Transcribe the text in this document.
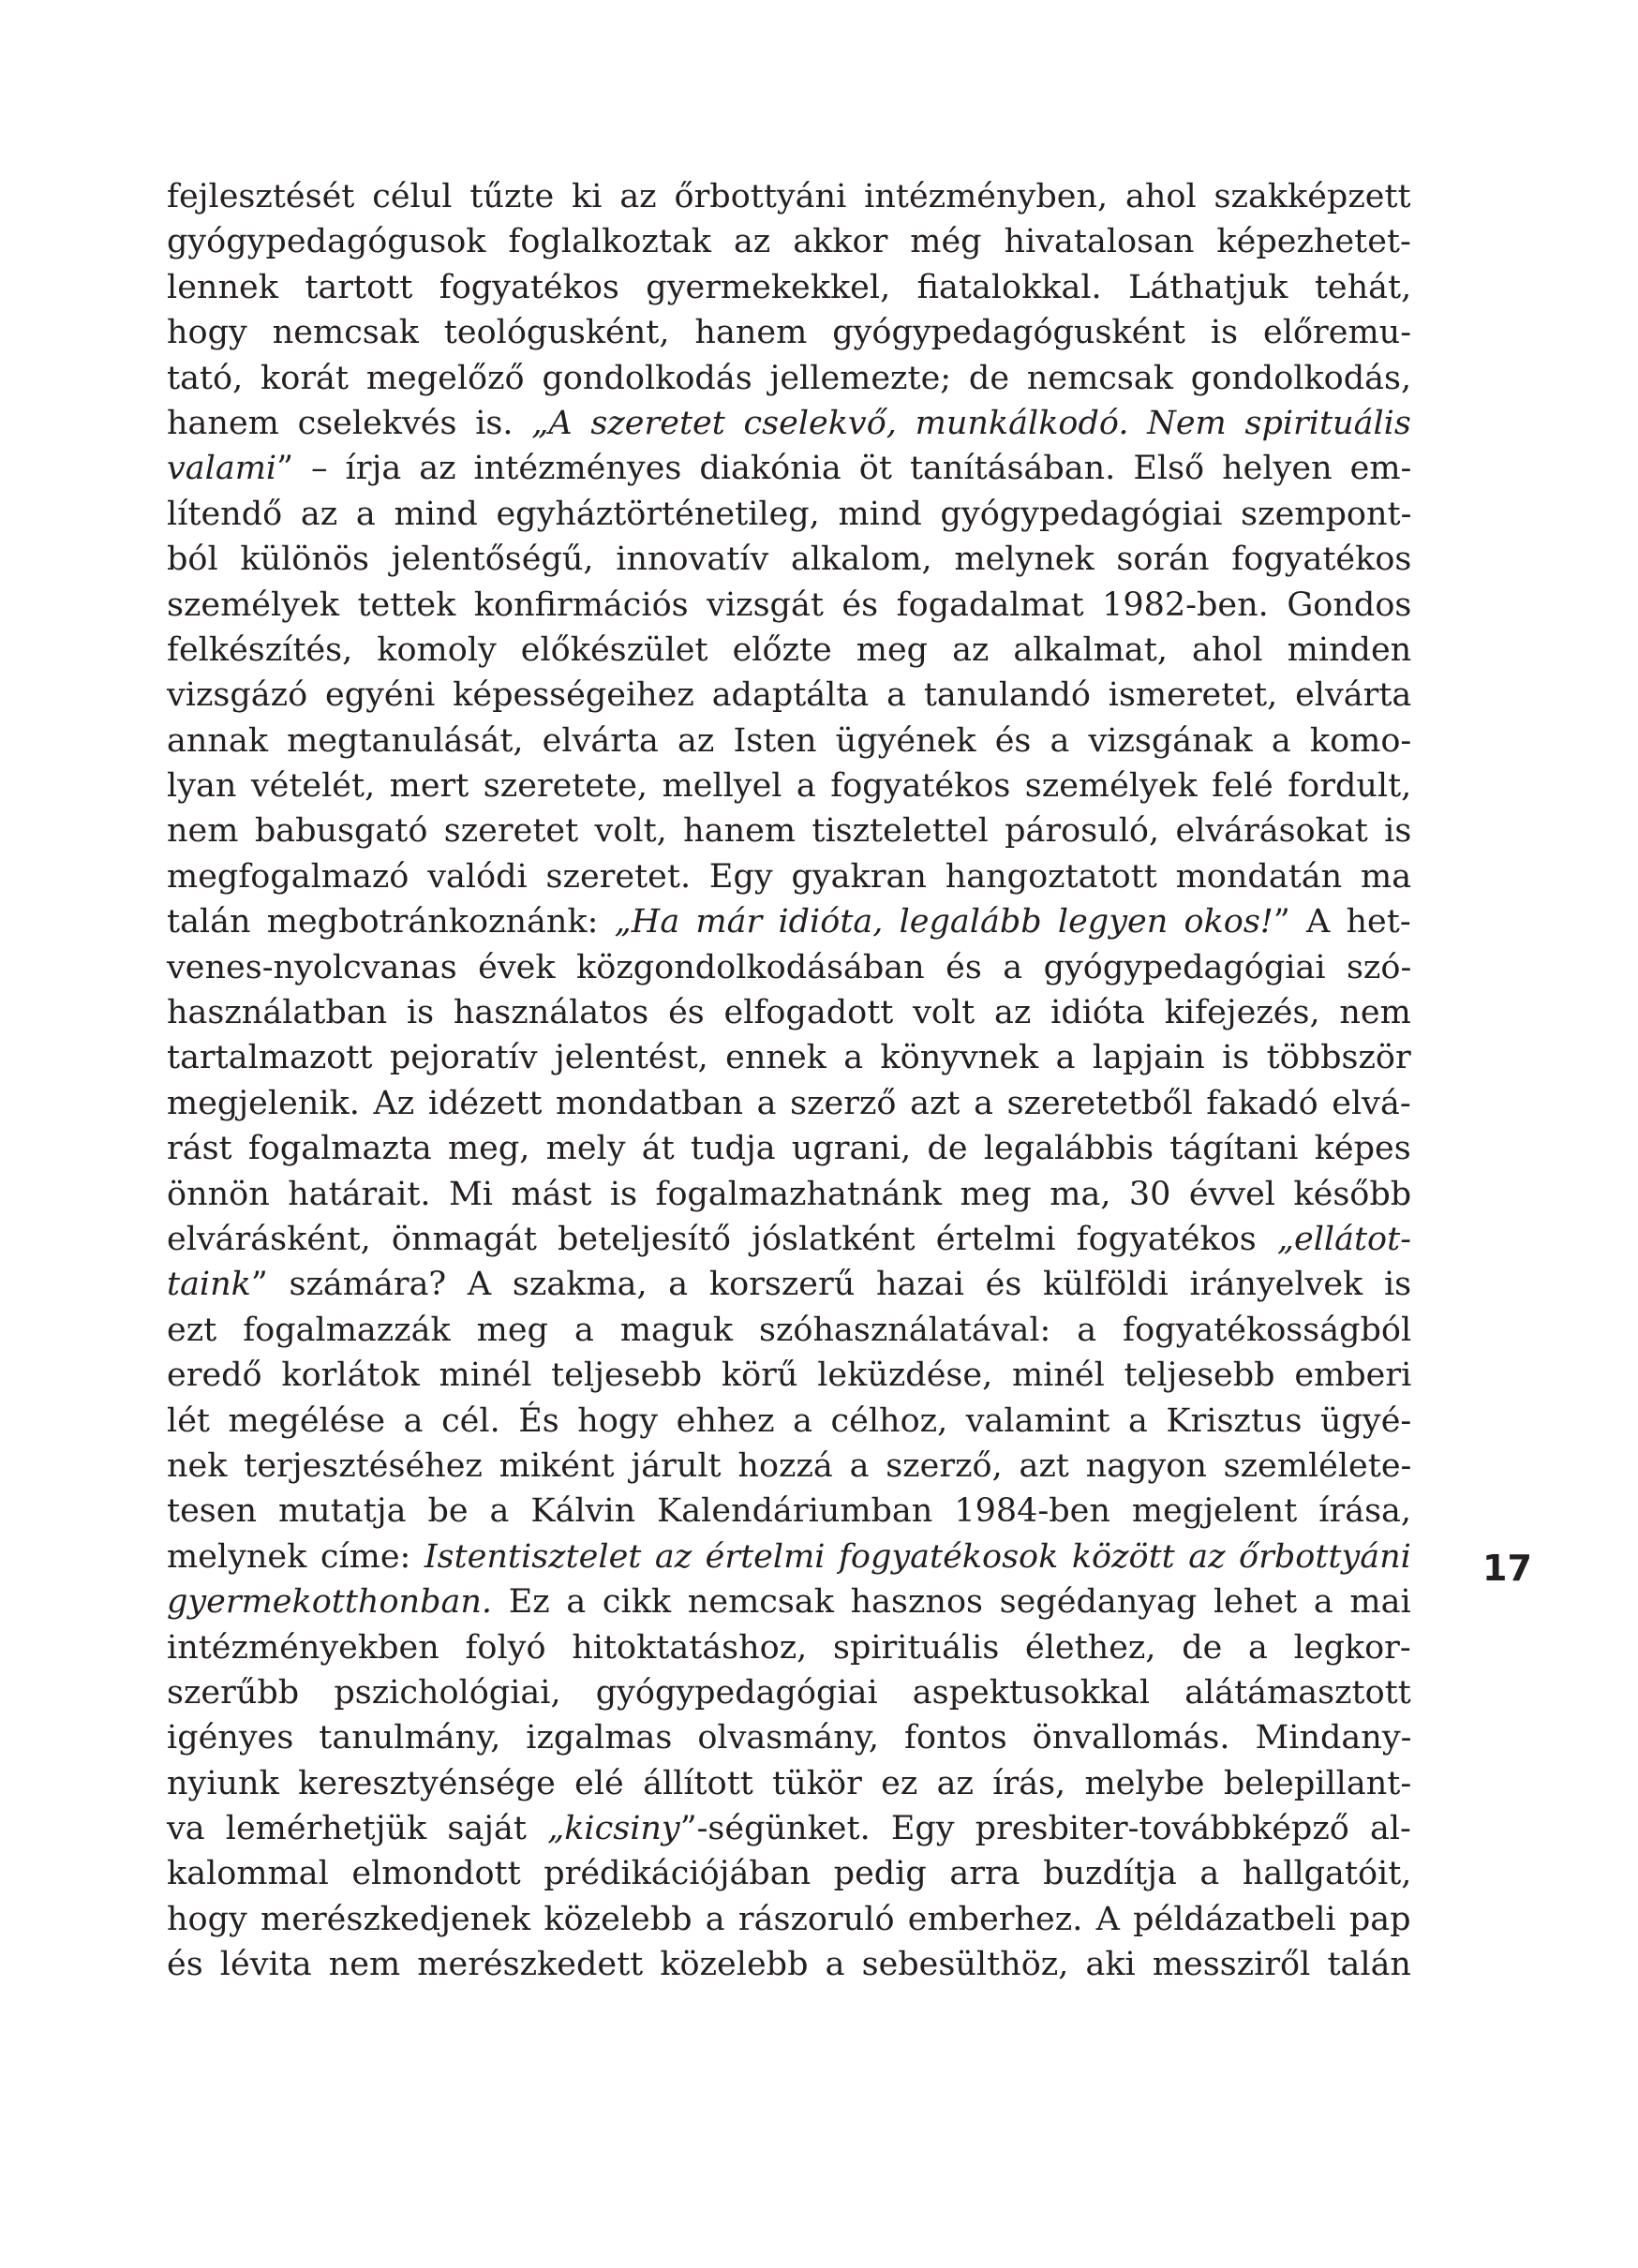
fejlesztését célul tűzte ki az őrbottyáni intézményben, ahol szakképzett
gyógypedagógusok foglalkoztak az akkor még hivatalosan képezhetet-
lennek tartott fogyatékos gyermekekkel, fiatalokkal. Láthatjuk tehát,
hogy nemcsak teológusként, hanem gyógypedagógusként is előremu-
tató, korát megelőző gondolkodás jellemezte; de nemcsak gondolkodás,
hanem cselekvés is. „A szeretet cselekvő, munkálkodó. Nem spirituális
valami” – írja az intézményes diakónia öt tanításában. Első helyen em-
lítendő az a mind egyháztörténetileg, mind gyógypedagógiai szempont-
ból különös jelentőségű, innovatív alkalom, melynek során fogyatékos
személyek tettek konfirmációs vizsgát és fogadalmat 1982-ben. Gondos
felkészítés, komoly előkészület előzte meg az alkalmat, ahol minden
vizsgázó egyéni képességeihez adaptálta a tanulandó ismeretet, elvárta
annak megtanulását, elvárta az Isten ügyének és a vizsgának a komo-
lyan vételét, mert szeretete, mellyel a fogyatékos személyek felé fordult,
nem babusgató szeretet volt, hanem tisztelettel párosuló, elvárásokat is
megfogalmazó valódi szeretet. Egy gyakran hangoztatott mondatán ma
talán megbotránkoznánk: „Ha már idióta, legalább legyen okos!” A het-
venes-nyolcvanas évek közgondolkodásában és a gyógypedagógiai szó-
használatban is használatos és elfogadott volt az idióta kifejezés, nem
tartalmazott pejoratív jelentést, ennek a könyvnek a lapjain is többször
megjelenik. Az idézett mondatban a szerző azt a szeretetből fakadó elvá-
rást fogalmazta meg, mely át tudja ugrani, de legalábbis tágítani képes
önnön határait. Mi mást is fogalmazhatnánk meg ma, 30 évvel később
elvárásként, önmagát beteljesítő jóslatként értelmi fogyatékos „ellátot-
taink” számára? A szakma, a korszerű hazai és külföldi irányelvek is
ezt fogalmazzák meg a maguk szóhasználatával: a fogyatékosságból
eredő korlátok minél teljesebb körű leküzdése, minél teljesebb emberi
lét megélése a cél. És hogy ehhez a célhoz, valamint a Krisztus ügyé-
nek terjesztéséhez miként járult hozzá a szerző, azt nagyon szemlélete-
tesen mutatja be a Kálvin Kalendáriumban 1984-ben megjelent írása,
melynek címe: Istentisztelet az értelmi fogyatékosok között az őrbottyáni
gyermekotthonban. Ez a cikk nemcsak hasznos segédanyag lehet a mai
intézményekben folyó hitoktatáshoz, spirituális élethez, de a legkor-
szerűbb pszichológiai, gyógypedagógiai aspektusokkal alátámasztott
igényes tanulmány, izgalmas olvasmány, fontos önvallomás. Mindany-
nyiunk keresztyénsége elé állított tükör ez az írás, melybe belepillant-
va lemérhetjük saját „kicsiny”-ségünket. Egy presbiter-továbbképző al-
kalommal elmondott prédikációjában pedig arra buzdítja a hallgatóit,
hogy merészkedjenek közelebb a rászoruló emberhez. A példázatbeli pap
és lévita nem merészkedett közelebb a sebesülthöz, aki messziről talán
17
